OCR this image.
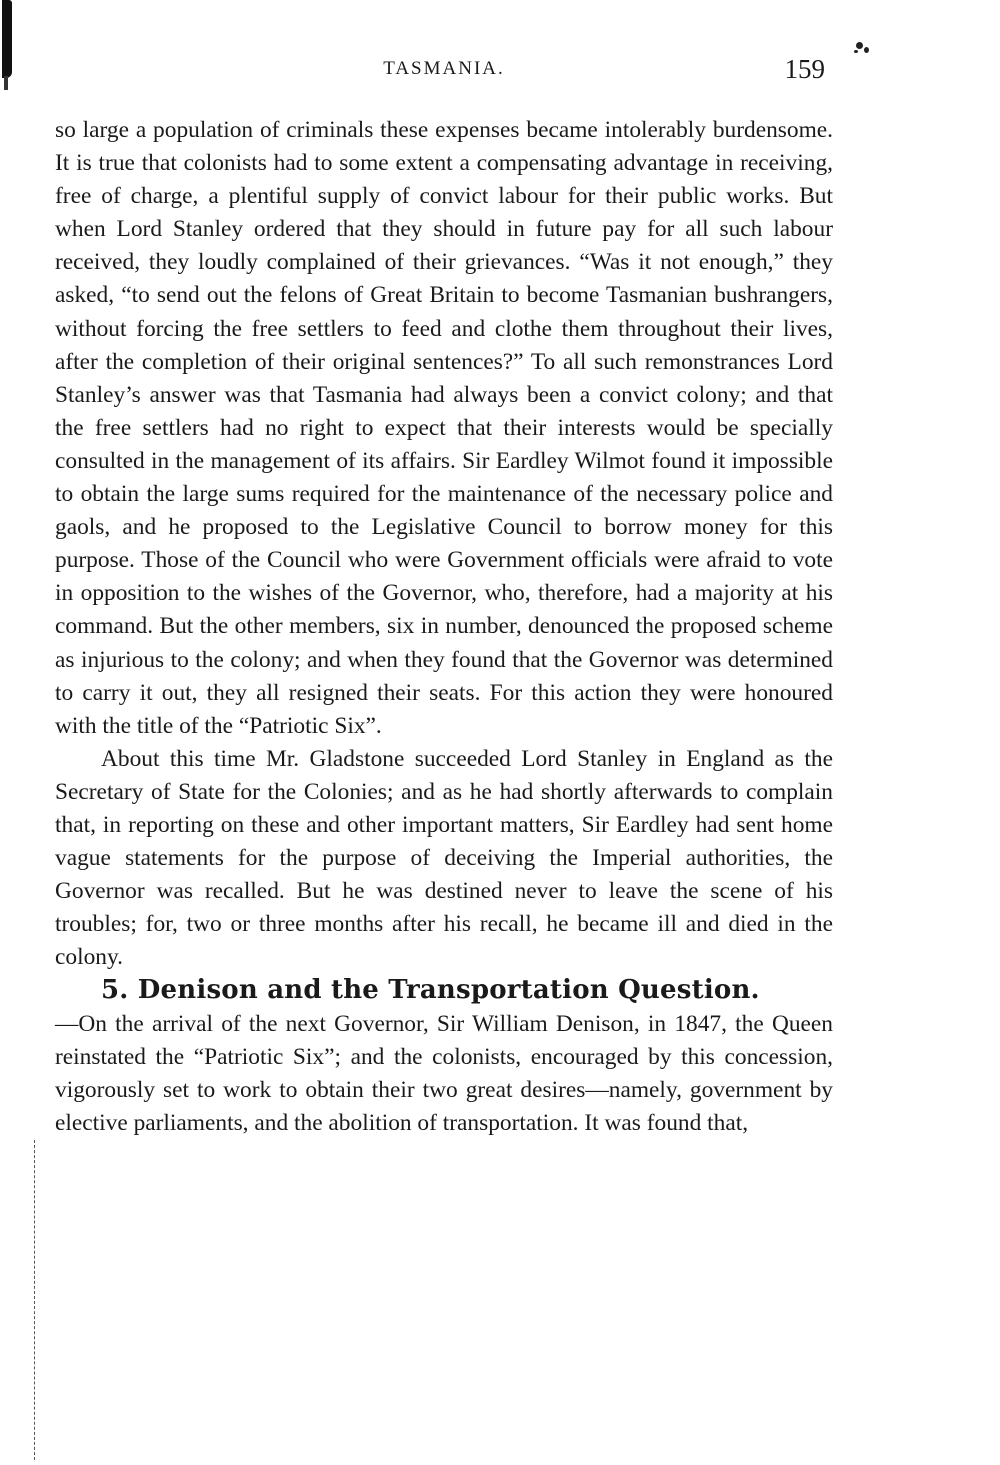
TASMANIA.	159

so large a population of criminals these expenses became intolerably burdensome. It is true that colonists had to some extent a compensating advantage in receiving, free of charge, a plentiful supply of convict labour for their public works. But when Lord Stanley ordered that they should in future pay for all such labour received, they loudly complained of their grievances. “Was it not enough,” they asked, “to send out the felons of Great Britain to become Tasmanian bushrangers, without forcing the free settlers to feed and clothe them throughout their lives, after the completion of their original sentences?” To all such remonstrances Lord Stanley’s answer was that Tasmania had always been a convict colony; and that the free settlers had no right to expect that their interests would be specially consulted in the management of its affairs. Sir Eardley Wilmot found it impossible to obtain the large sums required for the maintenance of the necessary police and gaols, and he proposed to the Legislative Council to borrow money for this purpose. Those of the Council who were Government officials were afraid to vote in opposition to the wishes of the Governor, who, therefore, had a majority at his command. But the other members, six in number, denounced the proposed scheme as injurious to the colony; and when they found that the Governor was determined to carry it out, they all resigned their seats. For this action they were honoured with the title of the “Patriotic Six”.

About this time Mr. Gladstone succeeded Lord Stanley in England as the Secretary of State for the Colonies; and as he had shortly afterwards to complain that, in reporting on these and other important matters, Sir Eardley had sent home vague statements for the purpose of deceiving the Imperial authorities, the Governor was recalled. But he was destined never to leave the scene of his troubles; for, two or three months after his recall, he became ill and died in the colony.

5. Denison and the Transportation Question.

—On the arrival of the next Governor, Sir William Denison, in 1847, the Queen reinstated the “Patriotic Six”; and the colonists, encouraged by this concession, vigorously set to work to obtain their two great desires—namely, government by elective parliaments, and the abolition of transportation. It was found that,
